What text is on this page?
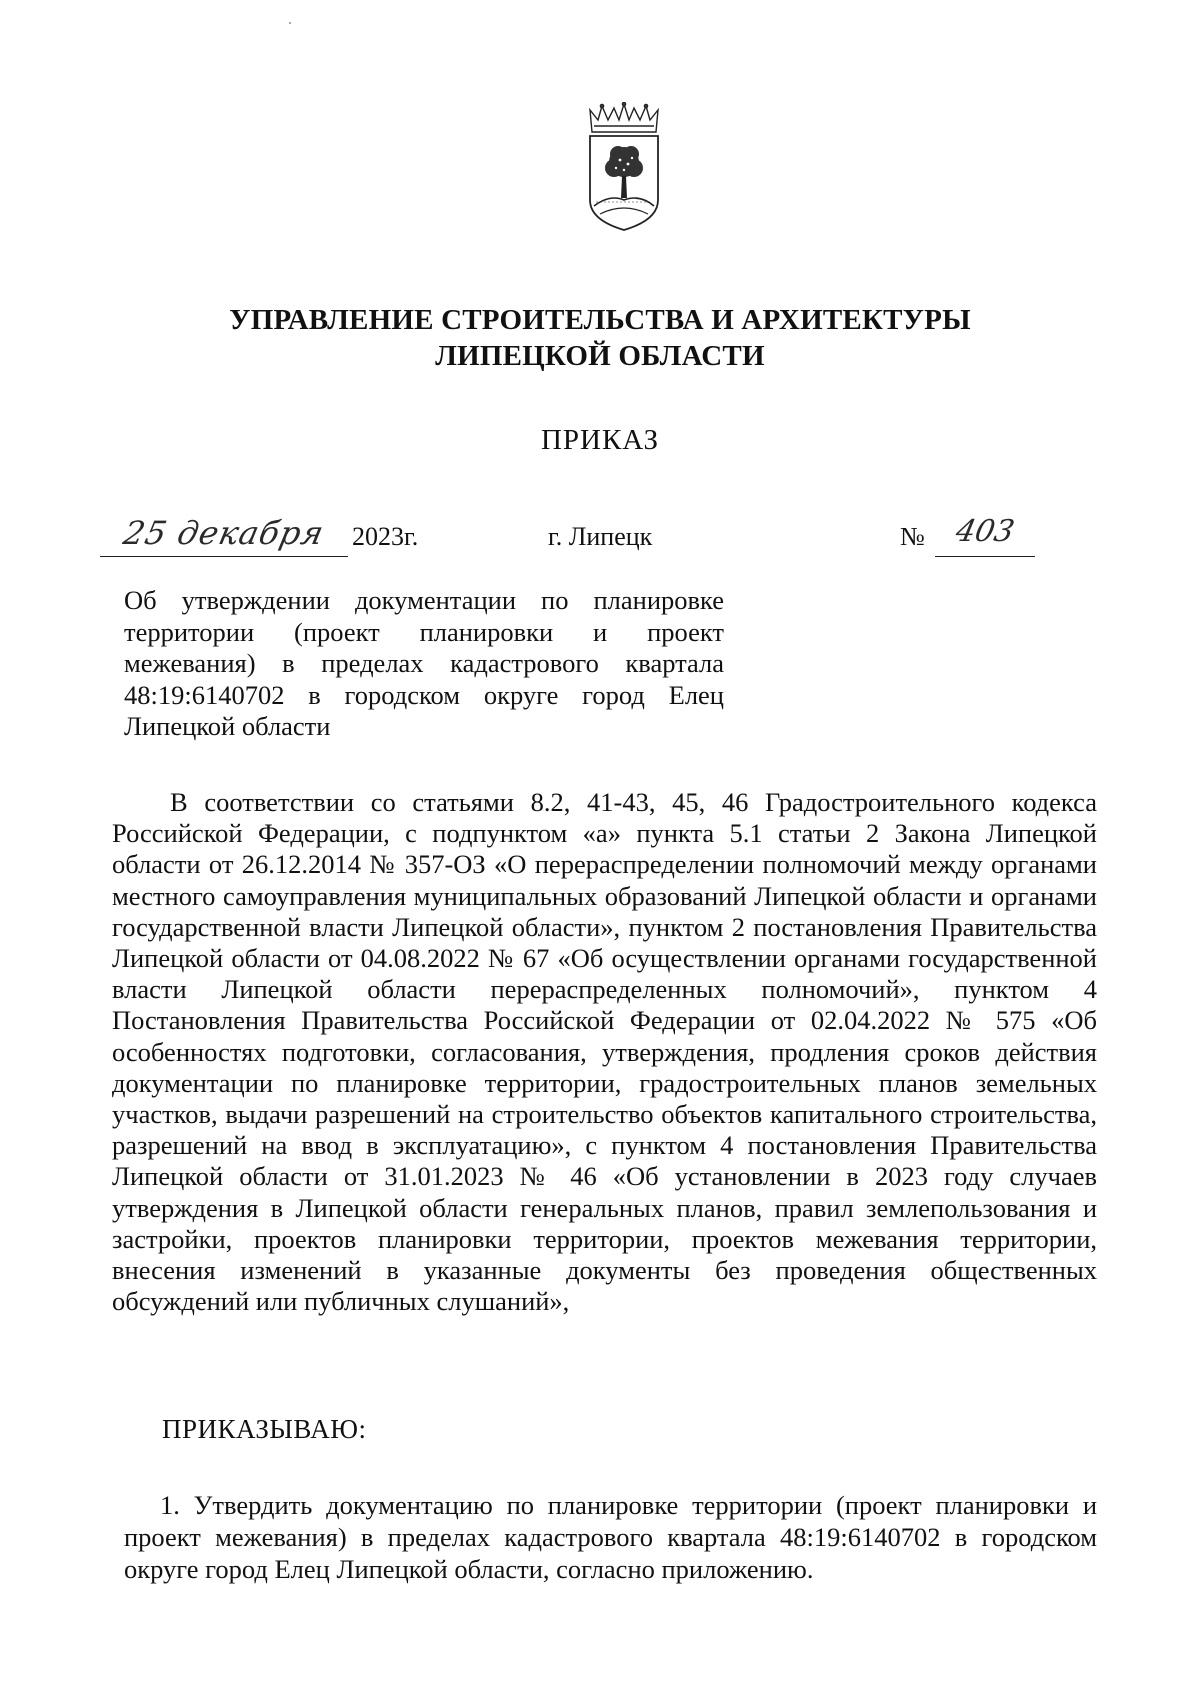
УПРАВЛЕНИЕ СТРОИТЕЛЬСТВА И АРХИТЕКТУРЫ
ЛИПЕЦКОЙ ОБЛАСТИ
ПРИКАЗ
25 декабря 2023г.	г. Липецк	№ 403
Об утверждении документации по планировке территории (проект планировки и проект межевания) в пределах кадастрового квартала 48:19:6140702 в городском округе город Елец Липецкой области

В соответствии со статьями 8.2, 41-43, 45, 46 Градостроительного кодекса Российской Федерации, с подпунктом «а» пункта 5.1 статьи 2 Закона Липецкой области от 26.12.2014 № 357-ОЗ «О перераспределении полномочий между органами местного самоуправления муниципальных образований Липецкой области и органами государственной власти Липецкой области», пунктом 2 постановления Правительства Липецкой области от 04.08.2022 № 67 «Об осуществлении органами государственной власти Липецкой области перераспределенных полномочий», пунктом 4 Постановления Правительства Российской Федерации от 02.04.2022 № 575 «Об особенностях подготовки, согласования, утверждения, продления сроков действия документации по планировке территории, градостроительных планов земельных участков, выдачи разрешений на строительство объектов капитального строительства, разрешений на ввод в эксплуатацию», с пунктом 4 постановления Правительства Липецкой области от 31.01.2023 № 46 «Об установлении в 2023 году случаев утверждения в Липецкой области генеральных планов, правил землепользования и застройки, проектов планировки территории, проектов межевания территории, внесения изменений в указанные документы без проведения общественных обсуждений или публичных слушаний»,

ПРИКАЗЫВАЮ:

1. Утвердить документацию по планировке территории (проект планировки и проект межевания) в пределах кадастрового квартала 48:19:6140702 в городском округе город Елец Липецкой области, согласно приложению.
